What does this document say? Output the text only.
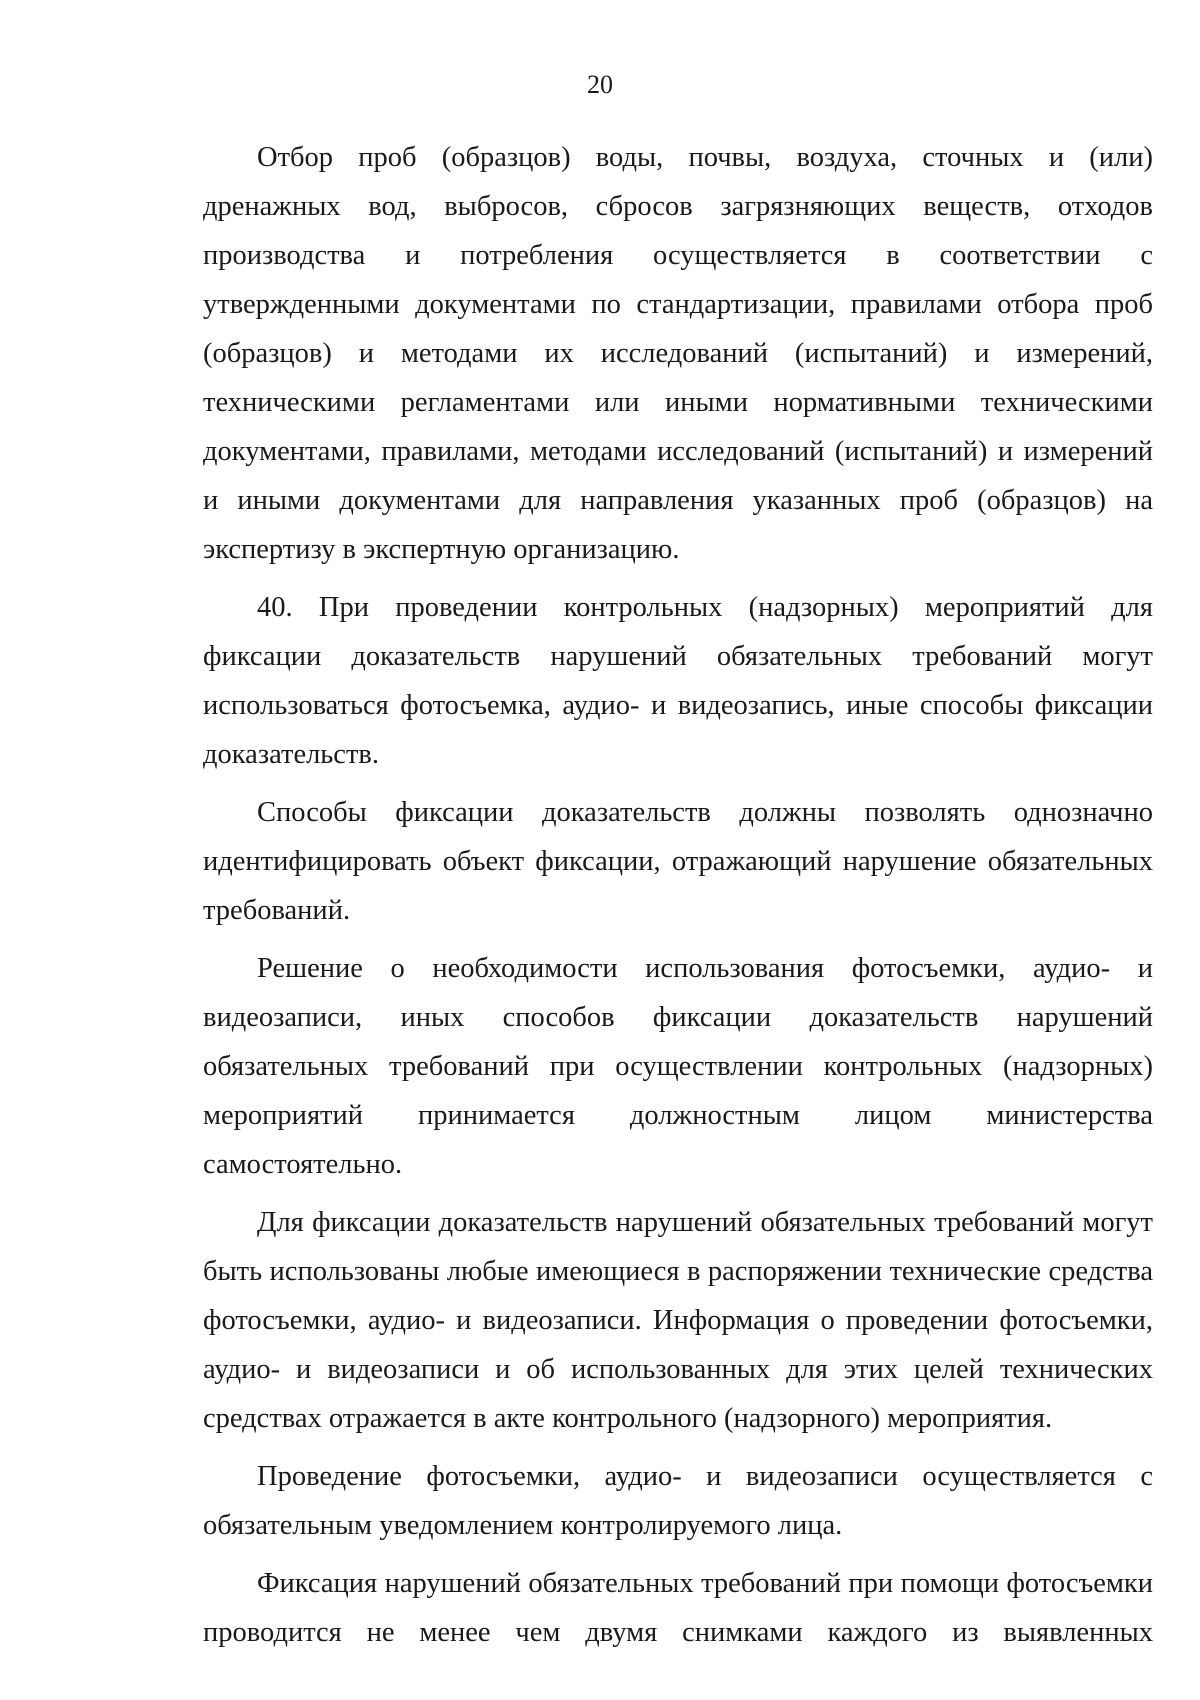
20

Отбор проб (образцов) воды, почвы, воздуха, сточных и (или) дренажных вод, выбросов, сбросов загрязняющих веществ, отходов производства и потребления осуществляется в соответствии с утвержденными документами по стандартизации, правилами отбора проб (образцов) и методами их исследований (испытаний) и измерений, техническими регламентами или иными нормативными техническими документами, правилами, методами исследований (испытаний) и измерений и иными документами для направления указанных проб (образцов) на экспертизу в экспертную организацию.

40. При проведении контрольных (надзорных) мероприятий для фиксации доказательств нарушений обязательных требований могут использоваться фотосъемка, аудио- и видеозапись, иные способы фиксации доказательств.

Способы фиксации доказательств должны позволять однозначно идентифицировать объект фиксации, отражающий нарушение обязательных требований.

Решение о необходимости использования фотосъемки, аудио- и видеозаписи, иных способов фиксации доказательств нарушений обязательных требований при осуществлении контрольных (надзорных) мероприятий принимается должностным лицом министерства самостоятельно.

Для фиксации доказательств нарушений обязательных требований могут быть использованы любые имеющиеся в распоряжении технические средства фотосъемки, аудио- и видеозаписи. Информация о проведении фотосъемки, аудио- и видеозаписи и об использованных для этих целей технических средствах отражается в акте контрольного (надзорного) мероприятия.

Проведение фотосъемки, аудио- и видеозаписи осуществляется с обязательным уведомлением контролируемого лица.

Фиксация нарушений обязательных требований при помощи фотосъемки проводится не менее чем двумя снимками каждого из выявленных
